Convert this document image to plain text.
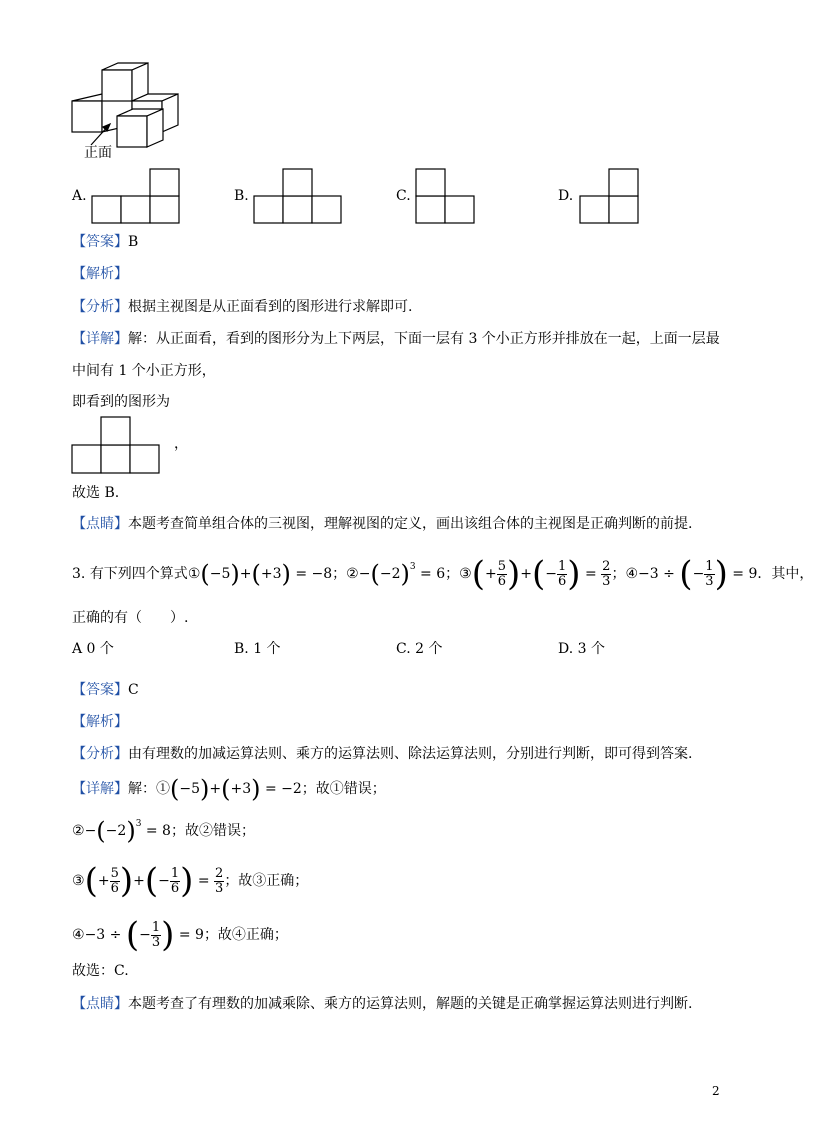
正面
A.	B.	C.	D.
【答案】B
【解析】
【分析】根据主视图是从正面看到的图形进行求解即可.
【详解】解：从正面看，看到的图形分为上下两层，下面一层有 3 个小正方形并排放在一起，上面一层最
中间有 1 个小正方形，
即看到的图形为
，
故选 B.
【点睛】本题考查简单组合体的三视图，理解视图的定义，画出该组合体的主视图是正确判断的前提.
3.
有下列四个算式 ① (−5)+(+3) = −8； ② $-(-2)^3 = 6$； ③ (+ $\frac{5}{6}$ )+(− $\frac{1}{6}$ ) = $\frac{2}{3}$ ； ④ −3 ÷ (− $\frac{1}{3}$ ) = 9 ．其中，
正确的有（　　）.
A 0 个	B. 1 个	C. 2 个	D. 3 个
【答案】C
【解析】
【分析】由有理数的加减运算法则、乘方的运算法则、除法运算法则，分别进行判断，即可得到答案.
【详解】 解：① (−5)+(+3) = −2 ；故①错误；
② $-(-2)^3 = 8$ ；故②错误；
③ (+ $\frac{5}{6}$ )+(− $\frac{1}{6}$ ) = $\frac{2}{3}$ ；故③正确；
④ −3 ÷ (− $\frac{1}{3}$ ) = 9 ；故④正确；
故选：C.
【点睛】本题考查了有理数的加减乘除、乘方的运算法则，解题的关键是正确掌握运算法则进行判断.
2
